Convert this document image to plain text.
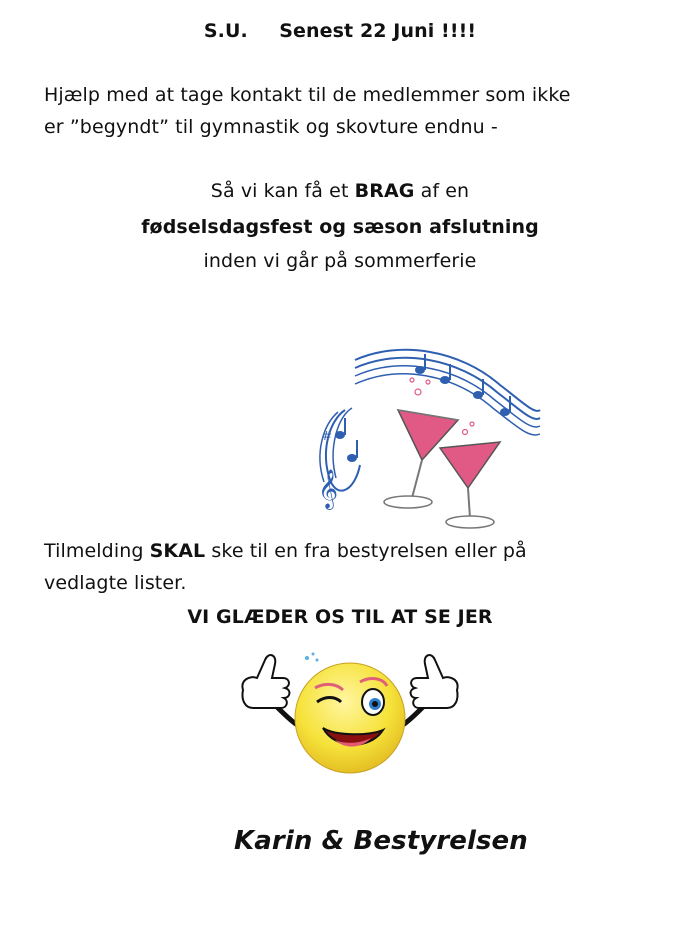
S.U. Senest 22 Juni !!!!
Hjælp med at tage kontakt til de medlemmer som ikke
er ”begyndt” til gymnastik og skovture endnu -
Så vi kan få et BRAG af en
fødselsdagsfest og sæson afslutning
inden vi går på sommerferie
𝄞
#
Tilmelding SKAL ske til en fra bestyrelsen eller på
vedlagte lister.
VI GLÆDER OS TIL AT SE JER
Karin & Bestyrelsen
